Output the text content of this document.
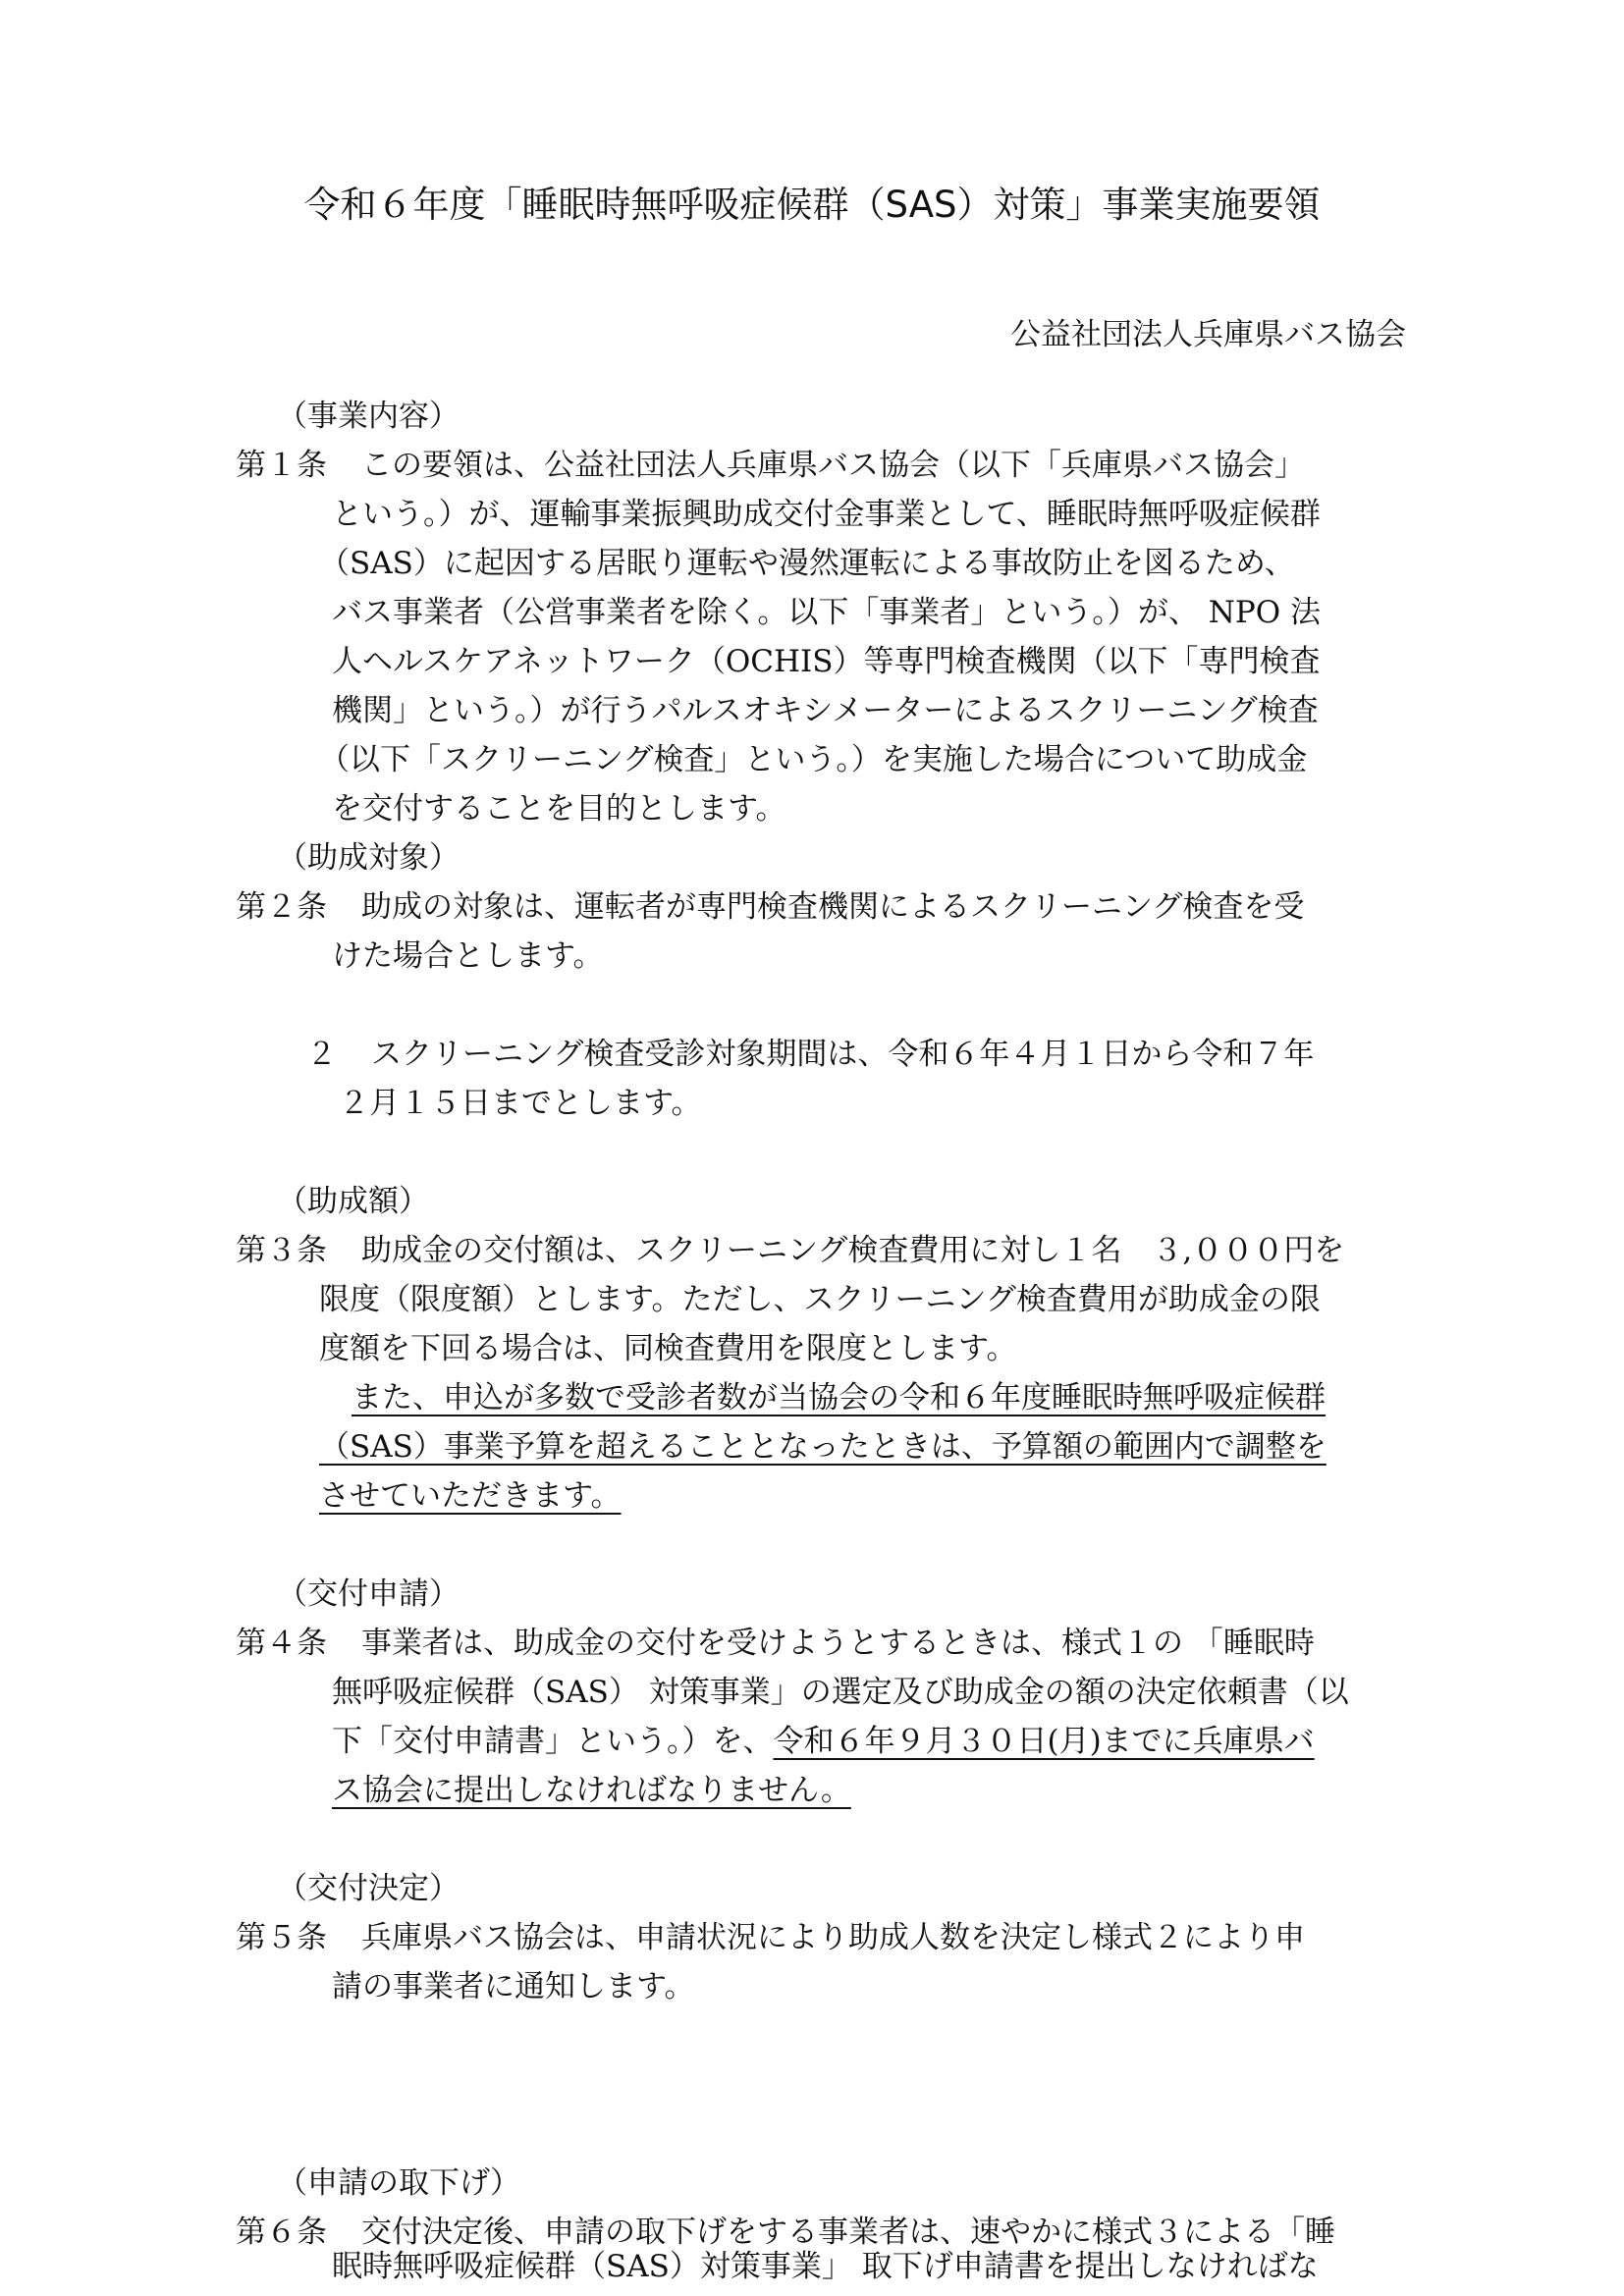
令和６年度「睡眠時無呼吸症候群（SAS）対策」事業実施要領
公益社団法人兵庫県バス協会
（事業内容）
第１条 この要領は、公益社団法人兵庫県バス協会（以下「兵庫県バス協会」
という。）が、運輸事業振興助成交付金事業として、睡眠時無呼吸症候群
（SAS）に起因する居眠り運転や漫然運転による事故防止を図るため、
バス事業者（公営事業者を除く。以下「事業者」という。）が、 NPO 法
人ヘルスケアネットワーク（OCHIS）等専門検査機関（以下「専門検査
機関」という。）が行うパルスオキシメーターによるスクリーニング検査
（以下「スクリーニング検査」という。）を実施した場合について助成金
を交付することを目的とします。
（助成対象）
第２条 助成の対象は、運転者が専門検査機関によるスクリーニング検査を受
けた場合とします。
２ スクリーニング検査受診対象期間は、令和６年４月１日から令和７年
２月１５日までとします。
（助成額）
第３条 助成金の交付額は、スクリーニング検査費用に対し１名　３,０００円を
限度（限度額）とします。ただし、スクリーニング検査費用が助成金の限
度額を下回る場合は、同検査費用を限度とします。
また、申込が多数で受診者数が当協会の令和６年度睡眠時無呼吸症候群
（SAS）事業予算を超えることとなったときは、予算額の範囲内で調整を
させていただきます。
（交付申請）
第４条 事業者は、助成金の交付を受けようとするときは、様式１の 「睡眠時
無呼吸症候群（SAS） 対策事業」の選定及び助成金の額の決定依頼書（以
下「交付申請書」という。）を、令和６年９月３０日(月)までに兵庫県バ
ス協会に提出しなければなりません。
（交付決定）
第５条 兵庫県バス協会は、申請状況により助成人数を決定し様式２により申
請の事業者に通知します。
（申請の取下げ）
第６条 交付決定後、申請の取下げをする事業者は、速やかに様式３による「睡
眠時無呼吸症候群（SAS）対策事業」 取下げ申請書を提出しなければな
